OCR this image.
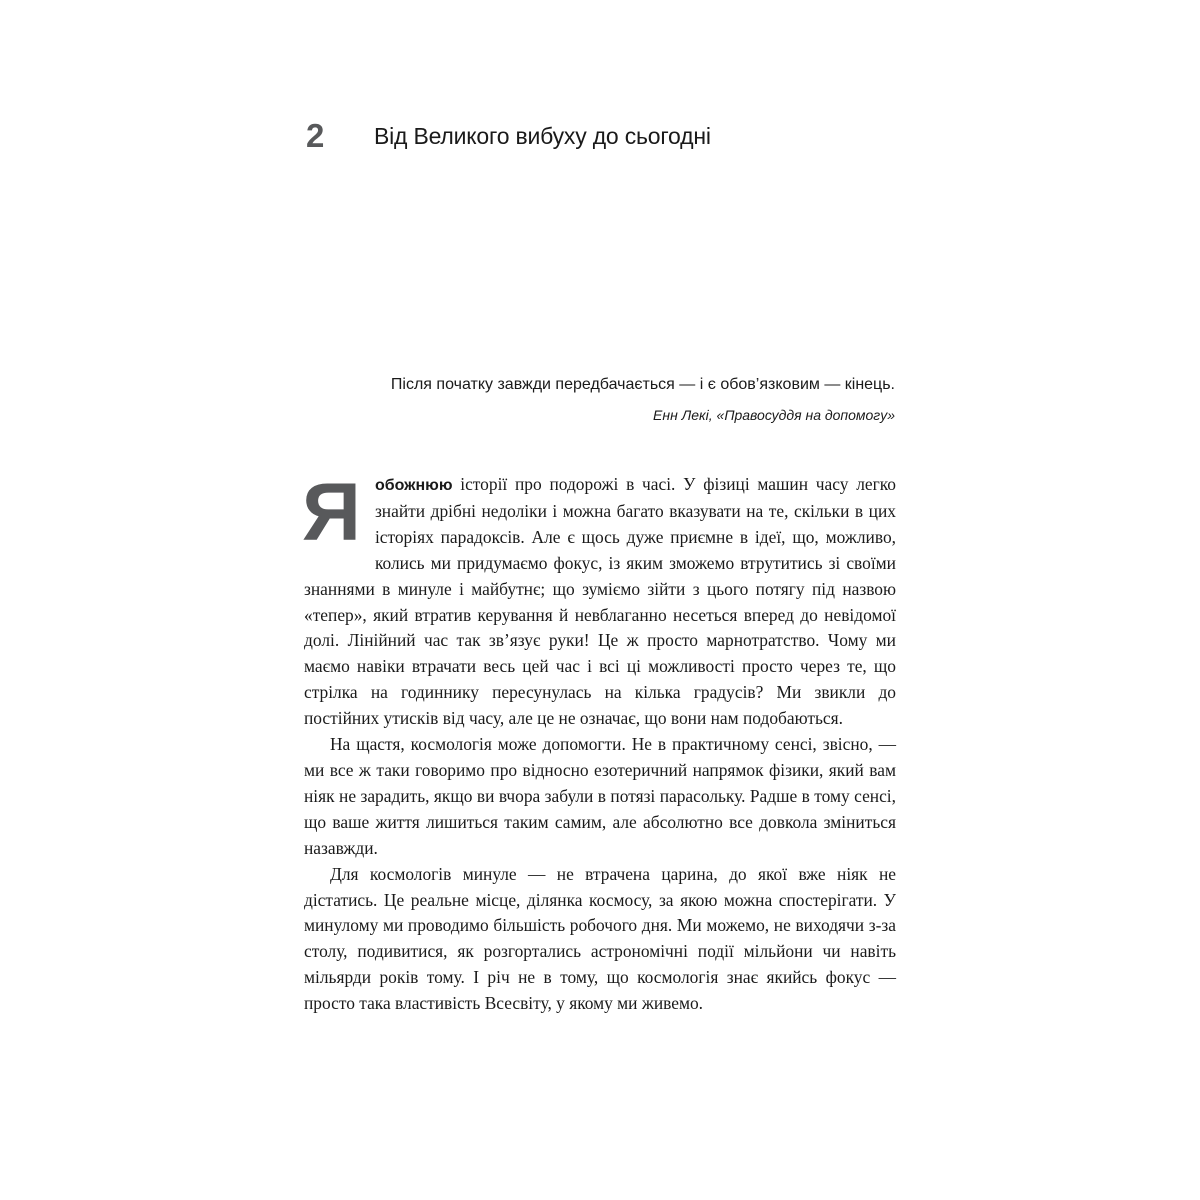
2 Від Великого вибуху до сьогодні
Після початку завжди передбачається — і є обов’язковим — кінець.
Енн Лекі, «Правосуддя на допомогу»

Яобожнюю історії про подорожі в часі. У фізиці машин часу легко знайти дрібні недоліки і можна багато вказувати на те, скільки в цих історіях парадоксів. Але є щось дуже приємне в ідеї, що, можливо, колись ми придумаємо фокус, із яким зможемо втрутитись зі своїми знаннями в минуле і майбутнє; що зуміємо зійти з цього потягу під назвою «тепер», який втратив керування й невблаганно несеться вперед до невідомої долі. Лінійний час так зв’язує руки! Це ж просто марнотратство. Чому ми маємо навіки втрачати весь цей час і всі ці можливості просто через те, що стрілка на годиннику пересунулась на кілька градусів? Ми звикли до постійних утисків від часу, але це не означає, що вони нам подобаються.

На щастя, космологія може допомогти. Не в практичному сенсі, звісно, — ми все ж таки говоримо про відносно езотеричний напрямок фізики, який вам ніяк не зарадить, якщо ви вчора забули в потязі парасольку. Радше в тому сенсі, що ваше життя лишиться таким самим, але абсолютно все довкола зміниться назавжди.

Для космологів минуле — не втрачена царина, до якої вже ніяк не дістатись. Це реальне місце, ділянка космосу, за якою можна спостерігати. У минулому ми проводимо більшість робочого дня. Ми можемо, не виходячи з-за столу, подивитися, як розгортались астрономічні події мільйони чи навіть мільярди років тому. І річ не в тому, що космологія знає якийсь фокус — просто така властивість Всесвіту, у якому ми живемо.
